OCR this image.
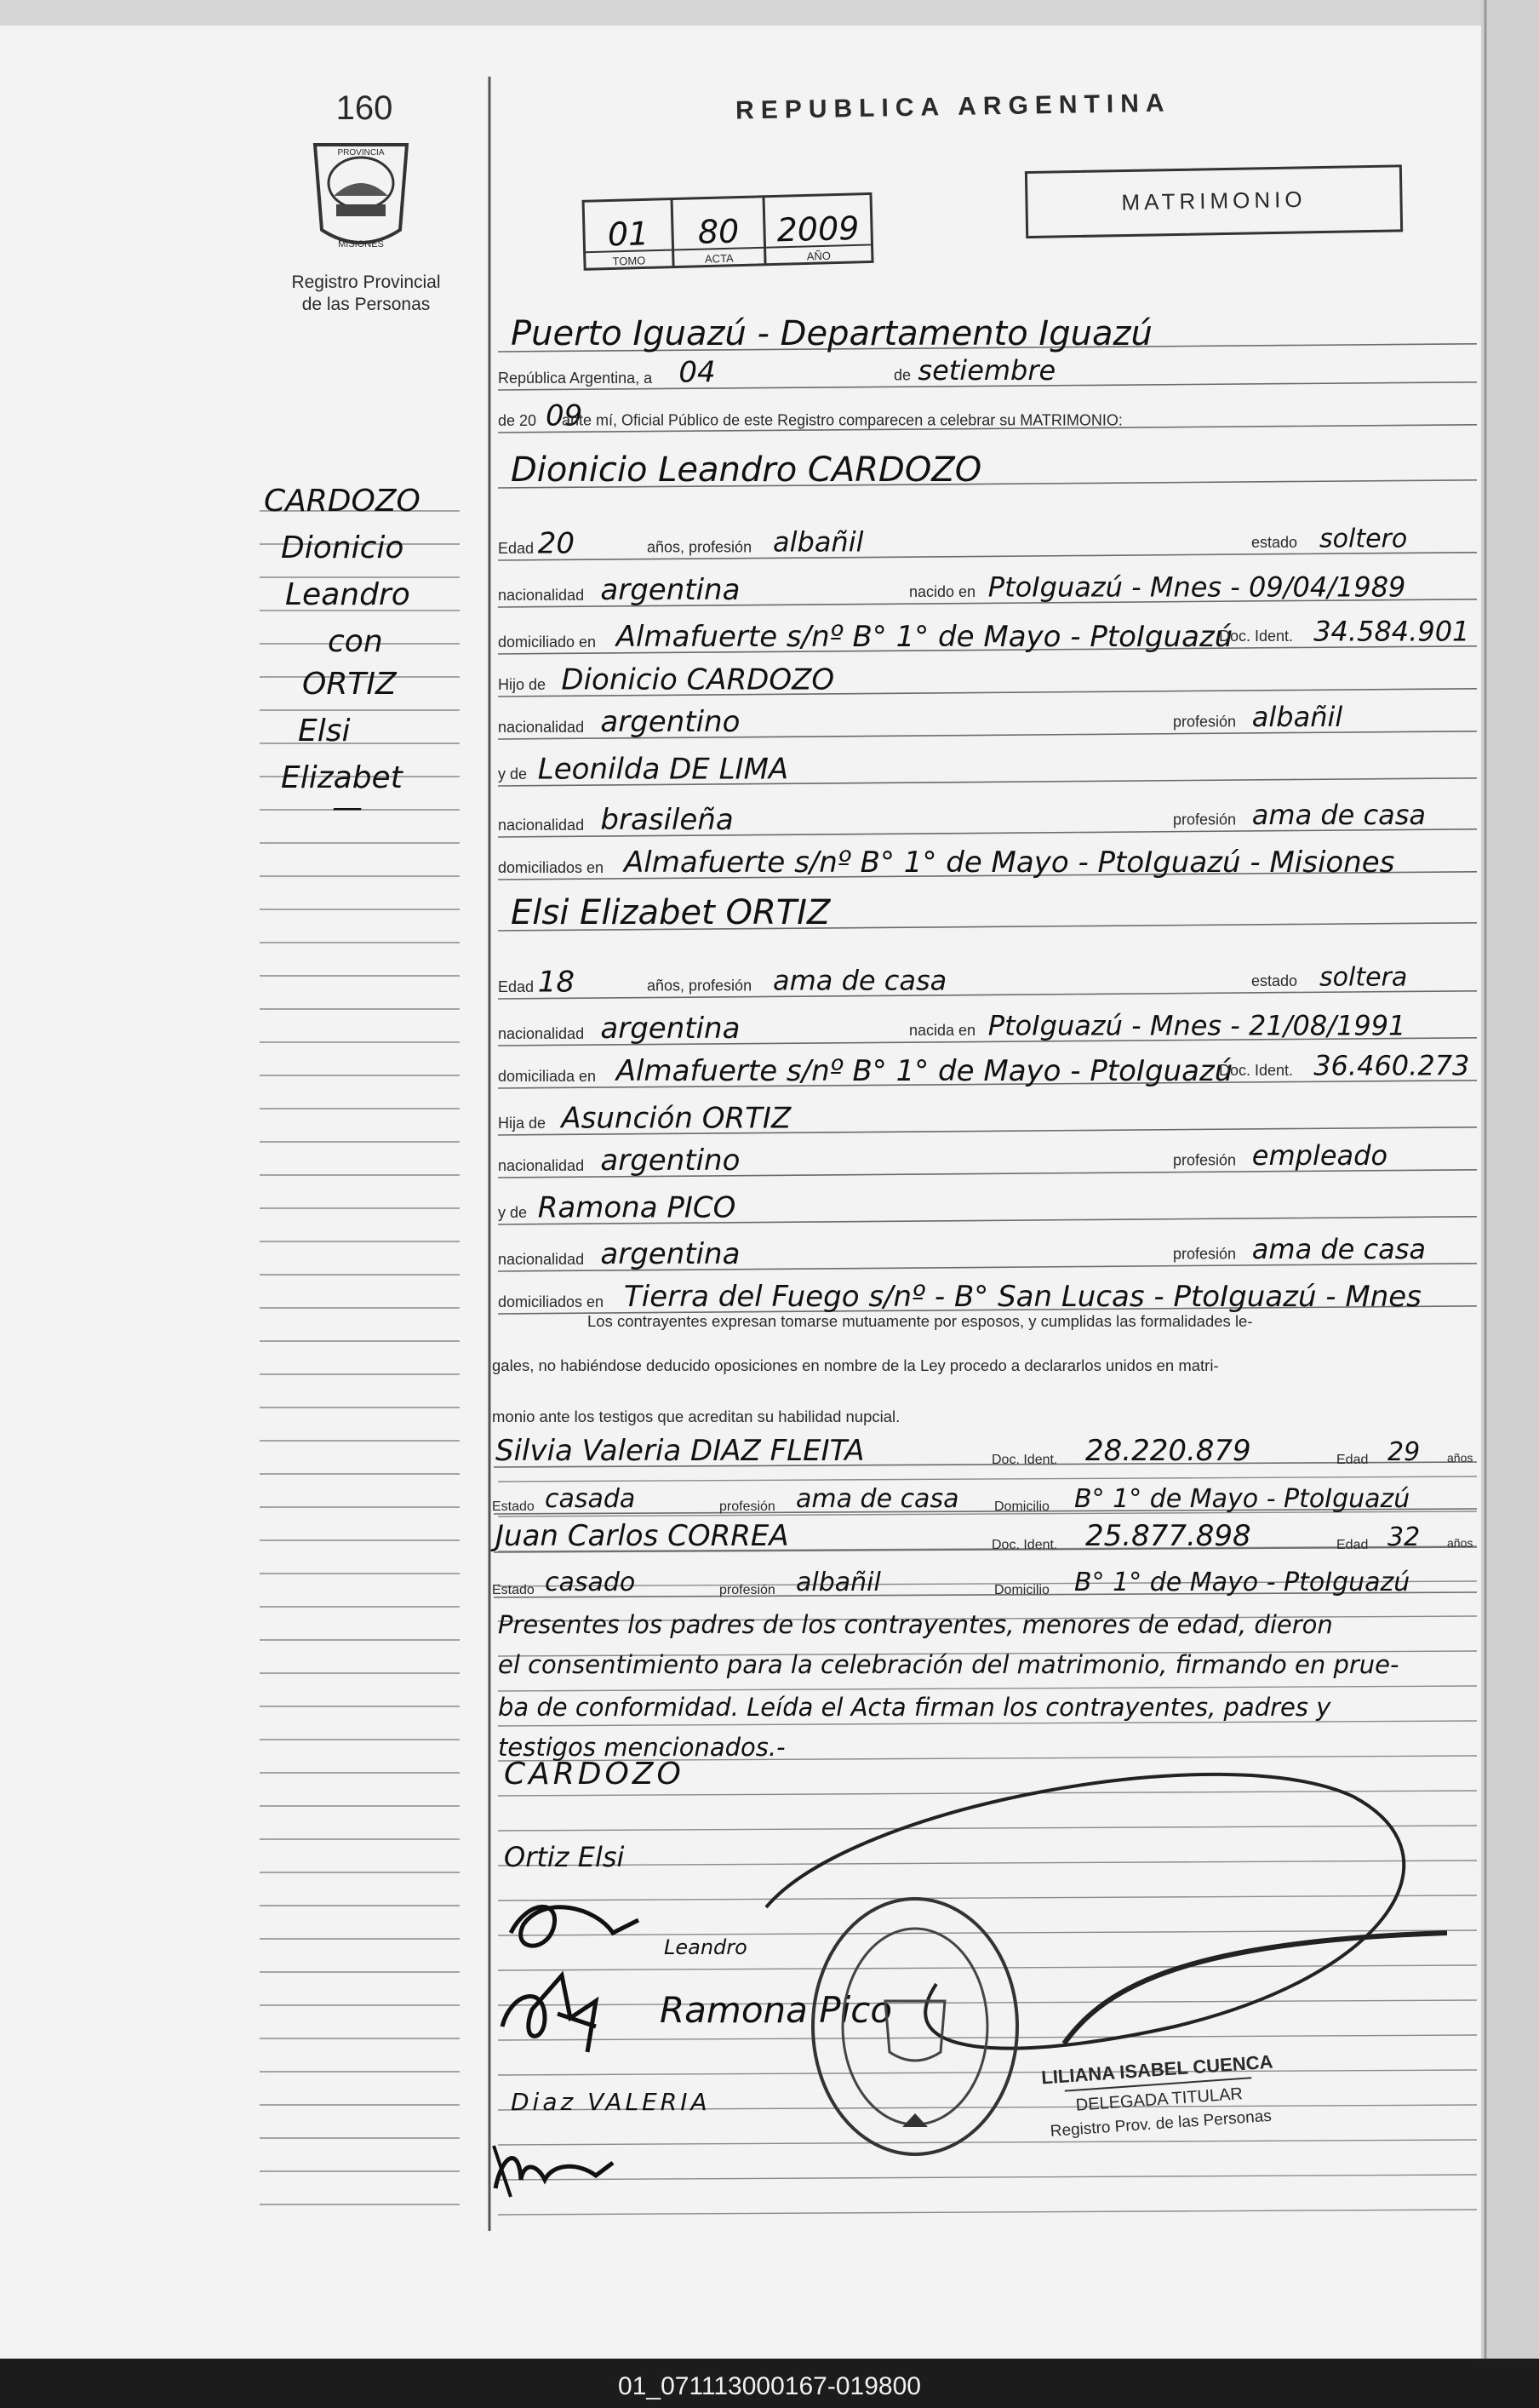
160
PROVINCIA
MISIONES
Registro Provincial
de las Personas
REPUBLICA ARGENTINA
01
TOMO
80
ACTA
2009
AÑO
MATRIMONIO
CARDOZO
Dionicio
Leandro
con
ORTIZ
Elsi
Elizabet
—
Puerto Iguazú - Departamento Iguazú
República Argentina, a 04	de setiembre
de 20 09
ante mí, Oficial Público de este Registro comparecen a celebrar su MATRIMONIO:
Dionicio Leandro CARDOZO
Edad 20	años, profesión albañil	estado soltero
nacionalidad argentina	nacido en PtoIguazú - Mnes - 09/04/1989
domiciliado en Almafuerte s/nº B° 1° de Mayo - PtoIguazú
Doc. Ident. 34.584.901
Hijo de Dionicio CARDOZO
nacionalidad argentino	profesión albañil
y de Leonilda DE LIMA
nacionalidad brasileña	profesión ama de casa
domiciliados en Almafuerte s/nº B° 1° de Mayo - PtoIguazú - Misiones
Elsi Elizabet ORTIZ
Edad 18	años, profesión ama de casa	estado soltera
nacionalidad argentina	nacida en PtoIguazú - Mnes - 21/08/1991
domiciliada en Almafuerte s/nº B° 1° de Mayo - PtoIguazú
Doc. Ident. 36.460.273
Hija de Asunción ORTIZ
nacionalidad argentino	profesión empleado
y de Ramona PICO
nacionalidad argentina	profesión ama de casa
domiciliados en Tierra del Fuego s/nº - B° San Lucas - PtoIguazú - Mnes
Los contrayentes expresan tomarse mutuamente por esposos, y cumplidas las formalidades le-
gales, no habiéndose deducido oposiciones en nombre de la Ley procedo a declararlos unidos en matri-
monio ante los testigos que acreditan su habilidad nupcial.
Silvia Valeria DIAZ FLEITA	Doc. Ident. 28.220.879	Edad 29 años
Estado casada	profesión ama de casa	Domicilio B° 1° de Mayo - PtoIguazú
Juan Carlos CORREA	Doc. Ident. 25.877.898	Edad 32 años
Estado casado	profesión albañil	Domicilio B° 1° de Mayo - PtoIguazú
Presentes los padres de los contrayentes, menores de edad, dieron
el consentimiento para la celebración del matrimonio, firmando en prue-
ba de conformidad. Leída el Acta firman los contrayentes, padres y
testigos mencionados.-
CARDOZO
Ortiz Elsi
Leandro
Ramona Pico
Diaz VALERIA
LILIANA ISABEL CUENCA
DELEGADA TITULAR
Registro Prov. de las Personas
01_071113000167-019800
